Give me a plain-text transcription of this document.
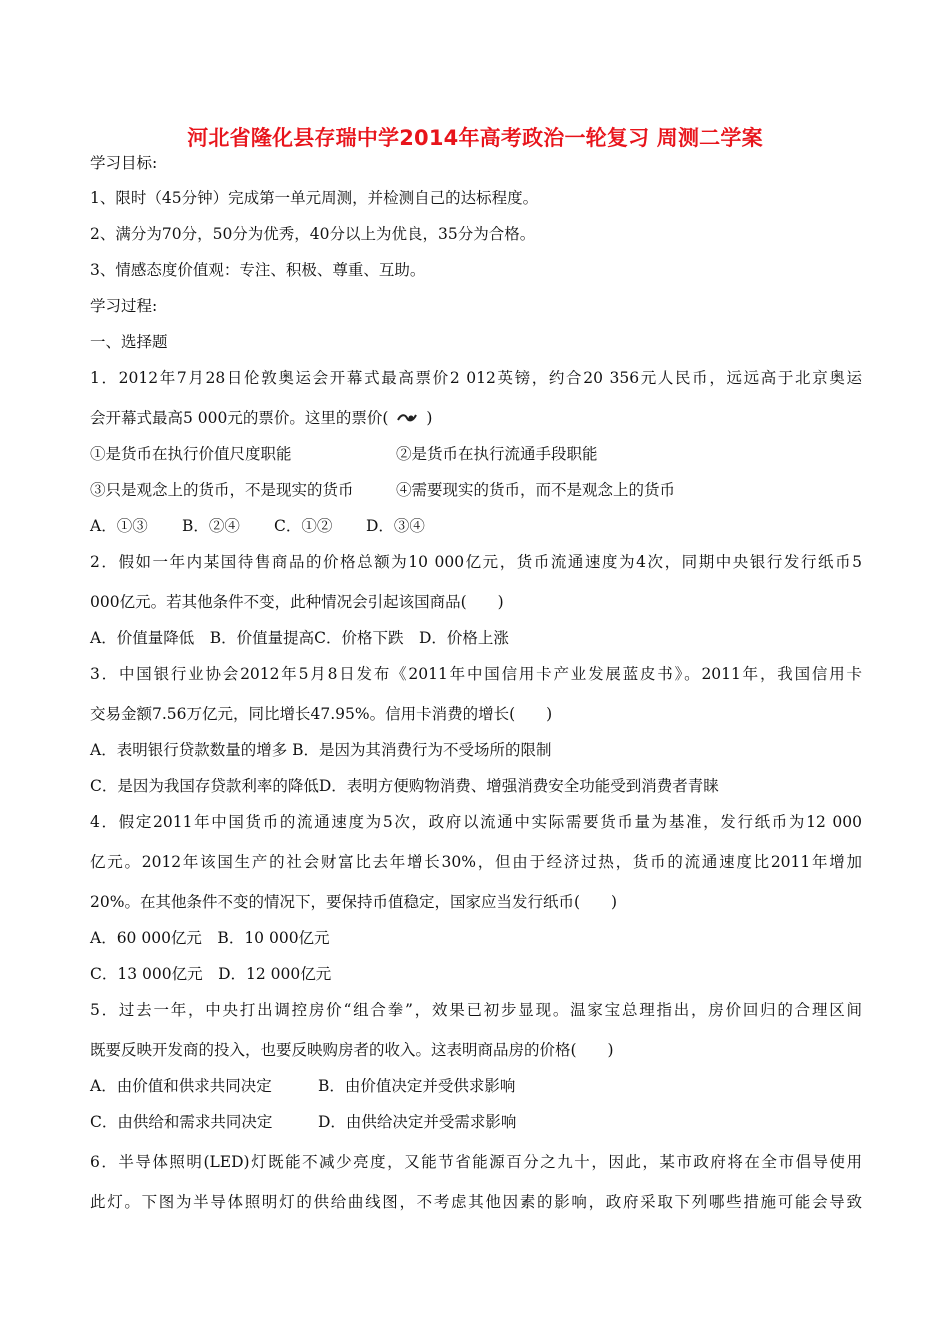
河北省隆化县存瑞中学2014年高考政治一轮复习 周测二学案
学习目标:
1、限时（45分钟）完成第一单元周测，并检测自己的达标程度。
2、满分为70分，50分为优秀，40分以上为优良，35分为合格。
3、情感态度价值观：专注、积极、尊重、互助。
学习过程:
一、选择题
1．2012年7月28日伦敦奥运会开幕式最高票价2 012英镑，约合20 356元人民币，远远高于北京奥运
会开幕式最高5 000元的票价。这里的票价( )
①是货币在执行价值尺度职能	②是货币在执行流通手段职能
③只是观念上的货币，不是现实的货币	④需要现实的货币，而不是观念上的货币
A．①③ B．②④ C．①② D．③④
2．假如一年内某国待售商品的价格总额为10 000亿元，货币流通速度为4次，同期中央银行发行纸币5
000亿元。若其他条件不变，此种情况会引起该国商品(　　)
A．价值量降低　B．价值量提高C．价格下跌　D．价格上涨
3．中国银行业协会2012年5月8日发布《2011年中国信用卡产业发展蓝皮书》。2011年，我国信用卡
交易金额7.56万亿元，同比增长47.95%。信用卡消费的增长(　　)
A．表明银行贷款数量的增多 B．是因为其消费行为不受场所的限制
C．是因为我国存贷款利率的降低D．表明方便购物消费、增强消费安全功能受到消费者青睐
4．假定2011年中国货币的流通速度为5次，政府以流通中实际需要货币量为基准，发行纸币为12 000
亿元。2012年该国生产的社会财富比去年增长30%，但由于经济过热，货币的流通速度比2011年增加
20%。在其他条件不变的情况下，要保持币值稳定，国家应当发行纸币(　　)
A．60 000亿元　B．10 000亿元
C．13 000亿元　D．12 000亿元
5．过去一年，中央打出调控房价“组合拳”，效果已初步显现。温家宝总理指出，房价回归的合理区间
既要反映开发商的投入，也要反映购房者的收入。这表明商品房的价格(　　)
A．由价值和供求共同决定	B．由价值决定并受供求影响
C．由供给和需求共同决定	D．由供给决定并受需求影响
6．半导体照明(LED)灯既能不减少亮度，又能节省能源百分之九十，因此，某市政府将在全市倡导使用
此灯。下图为半导体照明灯的供给曲线图，不考虑其他因素的影响，政府采取下列哪些措施可能会导致
